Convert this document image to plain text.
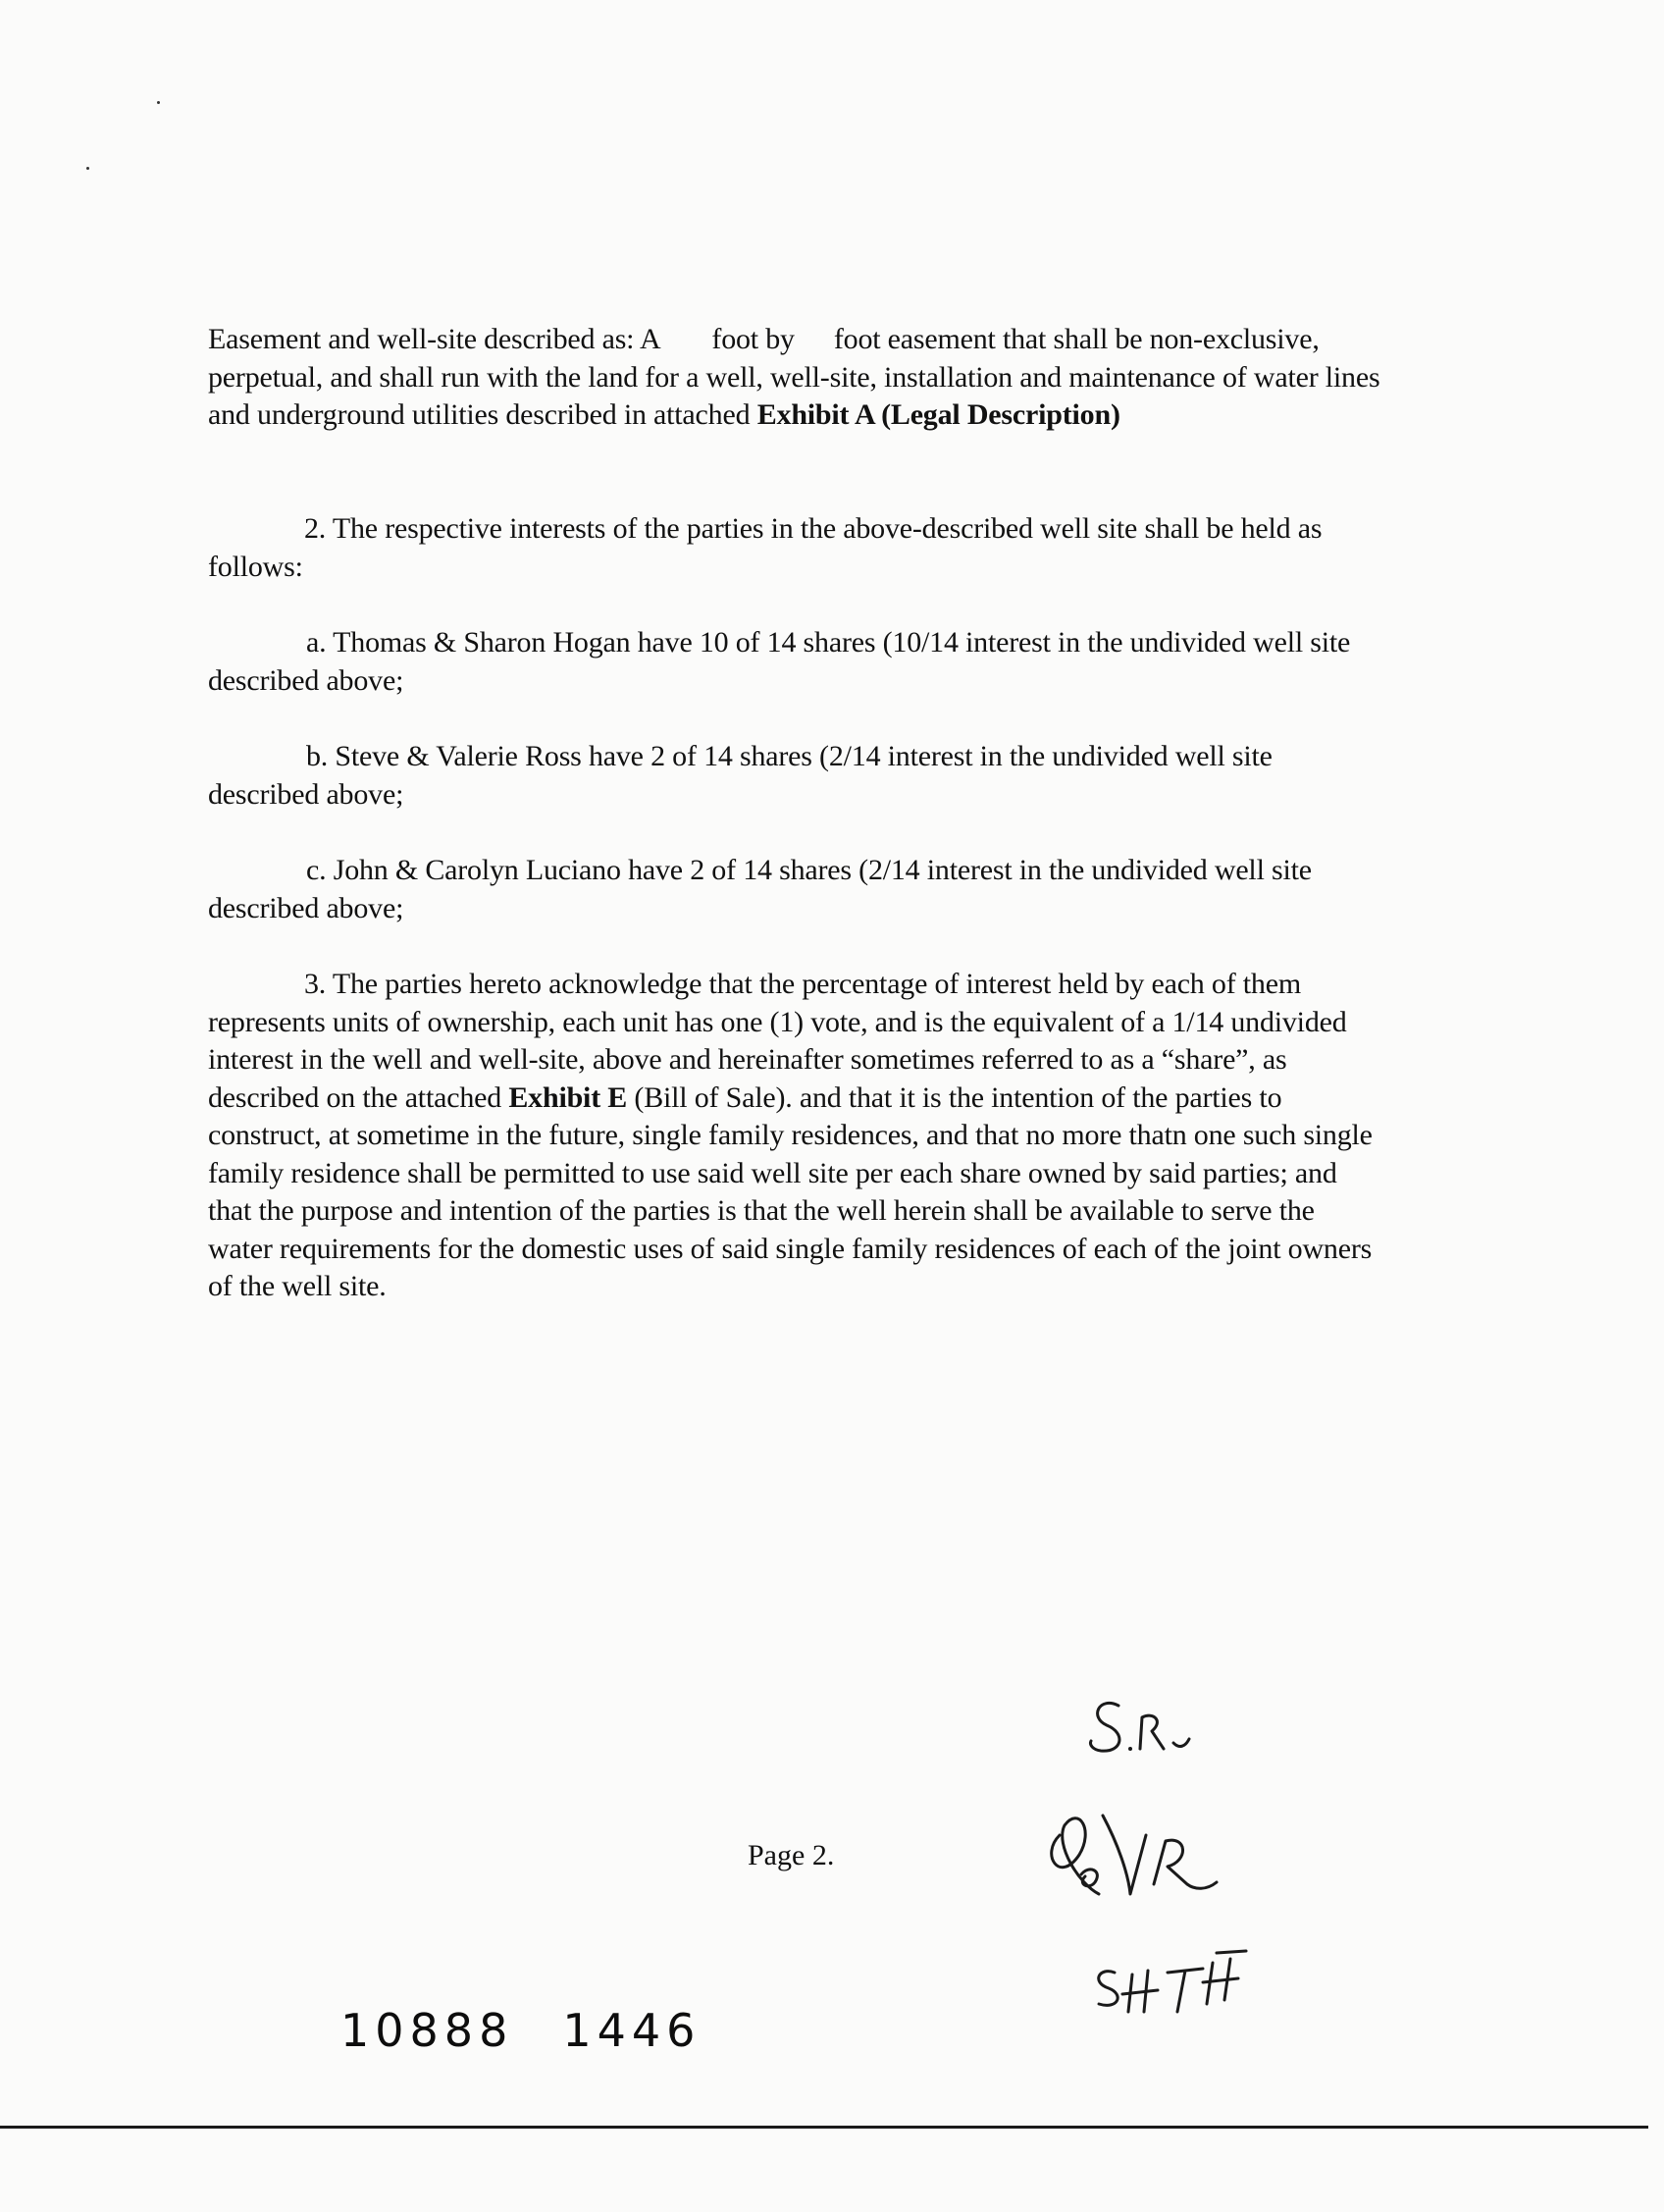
Easement and well-site described as: A foot by foot easement that shall be non-exclusive, perpetual, and shall run with the land for a well, well-site, installation and maintenance of water lines and underground utilities described in attached Exhibit A (Legal Description)

2. The respective interests of the parties in the above-described well site shall be held as follows:

a. Thomas & Sharon Hogan have 10 of 14 shares (10/14 interest in the undivided well site described above;

b. Steve & Valerie Ross have 2 of 14 shares (2/14 interest in the undivided well site described above;

c. John & Carolyn Luciano have 2 of 14 shares (2/14 interest in the undivided well site described above;

3. The parties hereto acknowledge that the percentage of interest held by each of them represents units of ownership, each unit has one (1) vote, and is the equivalent of a 1/14 undivided interest in the well and well-site, above and hereinafter sometimes referred to as a “share”, as described on the attached Exhibit E (Bill of Sale). and that it is the intention of the parties to construct, at sometime in the future, single family residences, and that no more thatn one such single family residence shall be permitted to use said well site per each share owned by said parties; and that the purpose and intention of the parties is that the well herein shall be available to serve the water requirements for the domestic uses of said single family residences of each of the joint owners of the well site.

Page 2.
10888 1446
